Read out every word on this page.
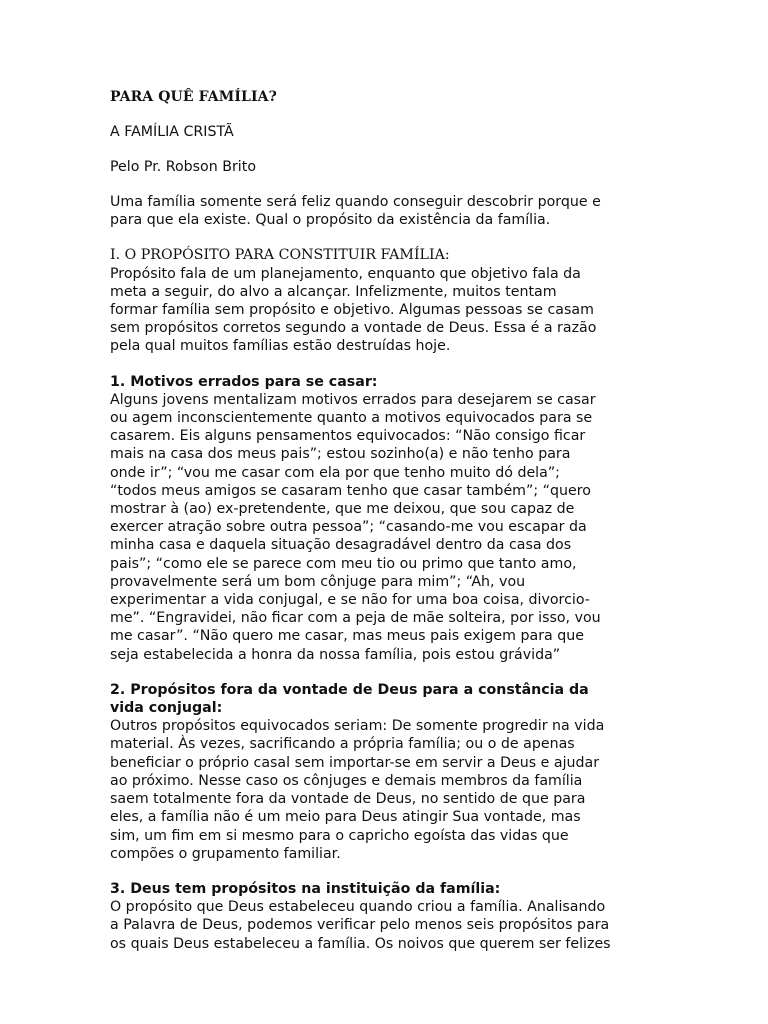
PARA QUÊ FAMÍLIA?
A FAMÍLIA CRISTÃ
Pelo Pr. Robson Brito
Uma família somente será feliz quando conseguir descobrir porque e
para que ela existe. Qual o propósito da existência da família.
I. O PROPÓSITO PARA CONSTITUIR FAMÍLIA:
Propósito fala de um planejamento, enquanto que objetivo fala da
meta a seguir, do alvo a alcançar. Infelizmente, muitos tentam
formar família sem propósito e objetivo. Algumas pessoas se casam
sem propósitos corretos segundo a vontade de Deus. Essa é a razão
pela qual muitos famílias estão destruídas hoje.
1. Motivos errados para se casar:
Alguns jovens mentalizam motivos errados para desejarem se casar
ou agem inconscientemente quanto a motivos equivocados para se
casarem. Eis alguns pensamentos equivocados: “Não consigo ficar
mais na casa dos meus pais”; estou sozinho(a) e não tenho para
onde ir”; “vou me casar com ela por que tenho muito dó dela”;
“todos meus amigos se casaram tenho que casar também”; “quero
mostrar à (ao) ex-pretendente, que me deixou, que sou capaz de
exercer atração sobre outra pessoa”; “casando-me vou escapar da
minha casa e daquela situação desagradável dentro da casa dos
pais”; “como ele se parece com meu tio ou primo que tanto amo,
provavelmente será um bom cônjuge para mim”; “Ah, vou
experimentar a vida conjugal, e se não for uma boa coisa, divorcio-
me”. “Engravidei, não ficar com a peja de mãe solteira, por isso, vou
me casar”. “Não quero me casar, mas meus pais exigem para que
seja estabelecida a honra da nossa família, pois estou grávida”
2. Propósitos fora da vontade de Deus para a constância da
vida conjugal:
Outros propósitos equivocados seriam: De somente progredir na vida
material. Às vezes, sacrificando a própria família; ou o de apenas
beneficiar o próprio casal sem importar-se em servir a Deus e ajudar
ao próximo. Nesse caso os cônjuges e demais membros da família
saem totalmente fora da vontade de Deus, no sentido de que para
eles, a família não é um meio para Deus atingir Sua vontade, mas
sim, um fim em si mesmo para o capricho egoísta das vidas que
compões o grupamento familiar.
3. Deus tem propósitos na instituição da família:
O propósito que Deus estabeleceu quando criou a família. Analisando
a Palavra de Deus, podemos verificar pelo menos seis propósitos para
os quais Deus estabeleceu a família. Os noivos que querem ser felizes
